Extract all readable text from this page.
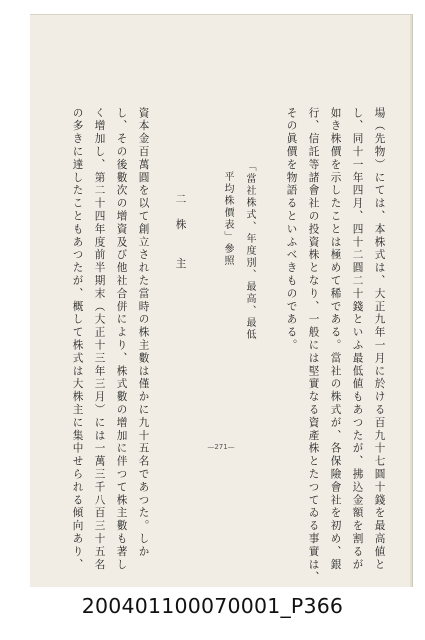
場（先物）にては、本株式は、大正九年一月に於ける百九十七圓十錢を最高値と
し、同十一年四月、四十二圓二十錢といふ最低値もあつたが、拂込金額を割るが
如き株價を示したことは極めて稀である。當社の株式が、各保險會社を初め、銀
行、信託等諸會社の投資株となり、一般には堅實なる資產株とたつてゐる事實は、
その眞價を物語るといふべきものである。
「當社株式、年度別、最高、最低
平均株價表」參照
二　株　　主
資本金百萬圓を以て創立された當時の株主數は僅かに九十五名であつた。しか
し、その後數次の增資及び他社合併により、株式數の增加に伴つて株主數も著し
く增加し、第二十四年度前半期末（大正十三年三月）には一萬三千八百三十五名
の多きに達したこともあつたが、概して株式は大株主に集中せられる傾向あり、	—271—
200401100070001_P366
